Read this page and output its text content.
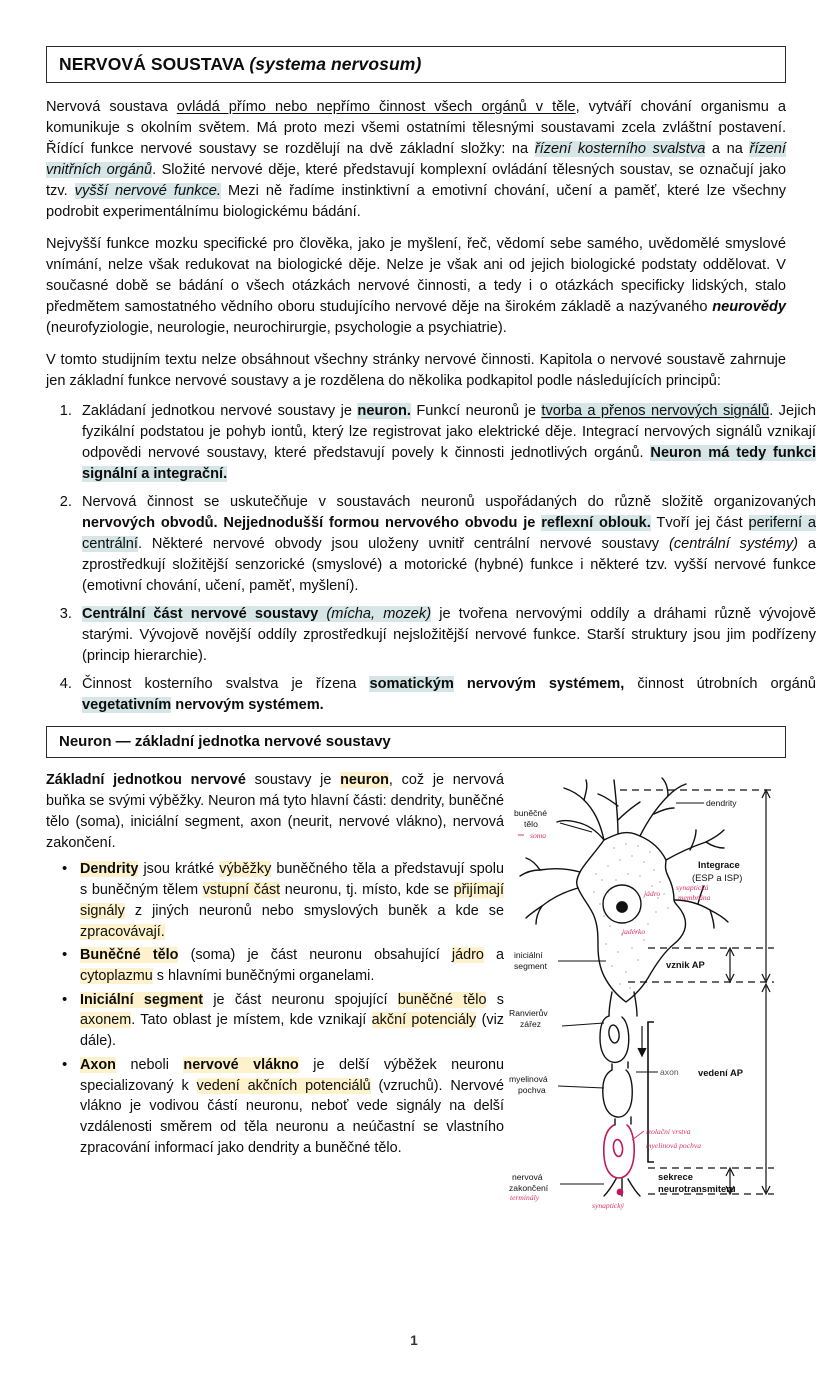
NERVOVÁ SOUSTAVA (systema nervosum)

Nervová soustava ovládá přímo nebo nepřímo činnost všech orgánů v těle, vytváří chování organismu a komunikuje s okolním světem. Má proto mezi všemi ostatními tělesnými soustavami zcela zvláštní postavení. Řídící funkce nervové soustavy se rozdělují na dvě základní složky: na řízení kosterního svalstva a na řízení vnitřních orgánů. Složité nervové děje, které představují komplexní ovládání tělesných soustav, se označují jako tzv. vyšší nervové funkce. Mezi ně řadíme instinktivní a emotivní chování, učení a paměť, které lze všechny podrobit experimentálnímu biologickému bádání.

Nejvyšší funkce mozku specifické pro člověka, jako je myšlení, řeč, vědomí sebe samého, uvědomělé smyslové vnímání, nelze však redukovat na biologické děje. Nelze je však ani od jejich biologické podstaty oddělovat. V současné době se bádání o všech otázkách nervové činnosti, a tedy i o otázkách specificky lidských, stalo předmětem samostatného vědního oboru studujícího nervové děje na širokém základě a nazývaného neurovědy (neurofyziologie, neurologie, neurochirurgie, psychologie a psychiatrie).

V tomto studijním textu nelze obsáhnout všechny stránky nervové činnosti. Kapitola o nervové soustavě zahrnuje jen základní funkce nervové soustavy a je rozdělena do několika podkapitol podle následujících principů:

1. Zakládaní jednotkou nervové soustavy je neuron. Funkcí neuronů je tvorba a přenos nervových signálů. Jejich fyzikální podstatou je pohyb iontů, který lze registrovat jako elektrické děje. Integrací nervových signálů vznikají odpovědi nervové soustavy, které představují povely k činnosti jednotlivých orgánů. Neuron má tedy funkci signální a integrační.
2. Nervová činnost se uskutečňuje v soustavách neuronů uspořádaných do různě složitě organizovaných nervových obvodů. Nejjednodušší formou nervového obvodu je reflexní oblouk. Tvoří jej část periferní a centrální. Některé nervové obvody jsou uloženy uvnitř centrální nervové soustavy (centrální systémy) a zprostředkují složitější senzorické (smyslové) a motorické (hybné) funkce i některé tzv. vyšší nervové funkce (emotivní chování, učení, paměť, myšlení).
3. Centrální část nervové soustavy (mícha, mozek) je tvořena nervovými oddíly a dráhami různě vývojově starými. Vývojově novější oddíly zprostředkují nejsložitější nervové funkce. Starší struktury jsou jim podřízeny (princip hierarchie).
4. Činnost kosterního svalstva je řízena somatickým nervovým systémem, činnost útrobních orgánů vegetativním nervovým systémem.
Neuron — základní jednotka nervové soustavy

Základní jednotkou nervové soustavy je neuron, což je nervová buňka se svými výběžky. Neuron má tyto hlavní části: dendrity, buněčné tělo (soma), iniciální segment, axon (neurit, nervové vlákno), nervová zakončení.

• Dendrity jsou krátké výběžky buněčného těla a představují spolu s buněčným tělem vstupní část neuronu, tj. místo, kde se přijímají signály z jiných neuronů nebo smyslových buněk a kde se zpracovávají.
• Buněčné tělo (soma) je část neuronu obsahující jádro a cytoplazmu s hlavními buněčnými organelami.
• Iniciální segment je část neuronu spojující buněčné tělo s axonem. Tato oblast je místem, kde vznikají akční potenciály (viz dále).
• Axon neboli nervové vlákno je delší výběžek neuronu specializovaný k vedení akčních potenciálů (vzruchů). Nervové vlákno je vodivou částí neuronu, neboť vede signály na delší vzdálenosti směrem od těla neuronu a neúčastní se vlastního zpracování informací jako dendrity a buněčné tělo.
dendrity
buněčné
tělo
iniciální
segment
Ranvierův
zářez
myelinová
pochva
axon
nervová
zakončení
Integrace
(ESP a ISP)
vznik AP
vedení AP
sekrece
neurotransmiteru
soma
jádro
jadérko
synaptická
membrána
izolační vrstva
myelinová pochva
terminály
synaptický
1
